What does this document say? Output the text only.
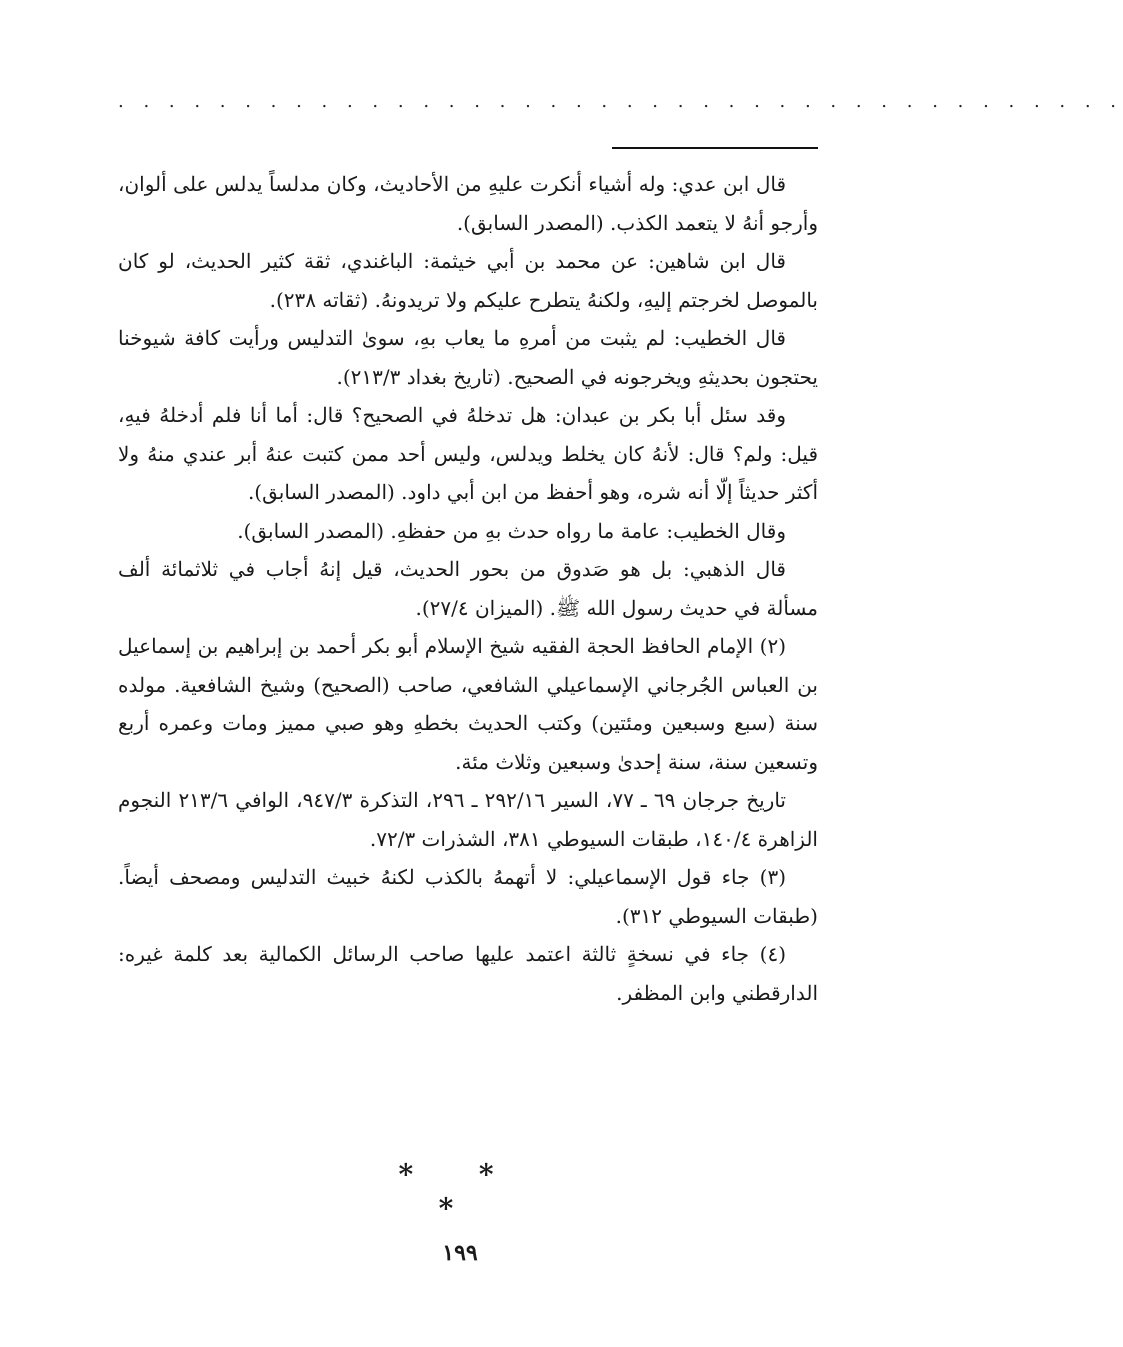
. . . . . . . . . . . . . . . . . . . . . . . . . . . . . . . . . . . . . . . .

قال ابن عدي: وله أشياء أنكرت عليهِ من الأحاديث، وكان مدلساً يدلس على ألوان، وأرجو أنهُ لا يتعمد الكذب. (المصدر السابق).

قال ابن شاهين: عن محمد بن أبي خيثمة: الباغندي، ثقة كثير الحديث، لو كان بالموصل لخرجتم إليهِ، ولكنهُ يتطرح عليكم ولا تريدونهُ. (ثقاته ٢٣٨).

قال الخطيب: لم يثبت من أمرهِ ما يعاب بهِ، سوىٰ التدليس ورأيت كافة شيوخنا يحتجون بحديثهِ ويخرجونه في الصحيح. (تاريخ بغداد ٢١٣/٣).

وقد سئل أبا بكر بن عبدان: هل تدخلهُ في الصحيح؟ قال: أما أنا فلم أدخلهُ فيهِ، قيل: ولم؟ قال: لأنهُ كان يخلط ويدلس، وليس أحد ممن كتبت عنهُ أبر عندي منهُ ولا أكثر حديثاً إلّا أنه شره، وهو أحفظ من ابن أبي داود. (المصدر السابق).

وقال الخطيب: عامة ما رواه حدث بهِ من حفظهِ. (المصدر السابق).

قال الذهبي: بل هو صَدوق من بحور الحديث، قيل إنهُ أجاب في ثلاثمائة ألف مسألة في حديث رسول الله ﷺ. (الميزان ٢٧/٤).

(٢) الإمام الحافظ الحجة الفقيه شيخ الإسلام أبو بكر أحمد بن إبراهيم بن إسماعيل بن العباس الجُرجاني الإسماعيلي الشافعي، صاحب (الصحيح) وشيخ الشافعية. مولده سنة (سبع وسبعين ومئتين) وكتب الحديث بخطهِ وهو صبي مميز ومات وعمره أربع وتسعين سنة، سنة إحدىٰ وسبعين وثلاث مئة.

تاريخ جرجان ٦٩ ـ ٧٧، السير ٢٩٢/١٦ ـ ٢٩٦، التذكرة ٩٤٧/٣، الوافي ٢١٣/٦ النجوم الزاهرة ١٤٠/٤، طبقات السيوطي ٣٨١، الشذرات ٧٢/٣.

(٣) جاء قول الإسماعيلي: لا أتهمهُ بالكذب لكنهُ خبيث التدليس ومصحف أيضاً. (طبقات السيوطي ٣١٢).

(٤) جاء في نسخةٍ ثالثة اعتمد عليها صاحب الرسائل الكمالية بعد كلمة غيره: الدارقطني وابن المظفر.

* * *
١٩٩
